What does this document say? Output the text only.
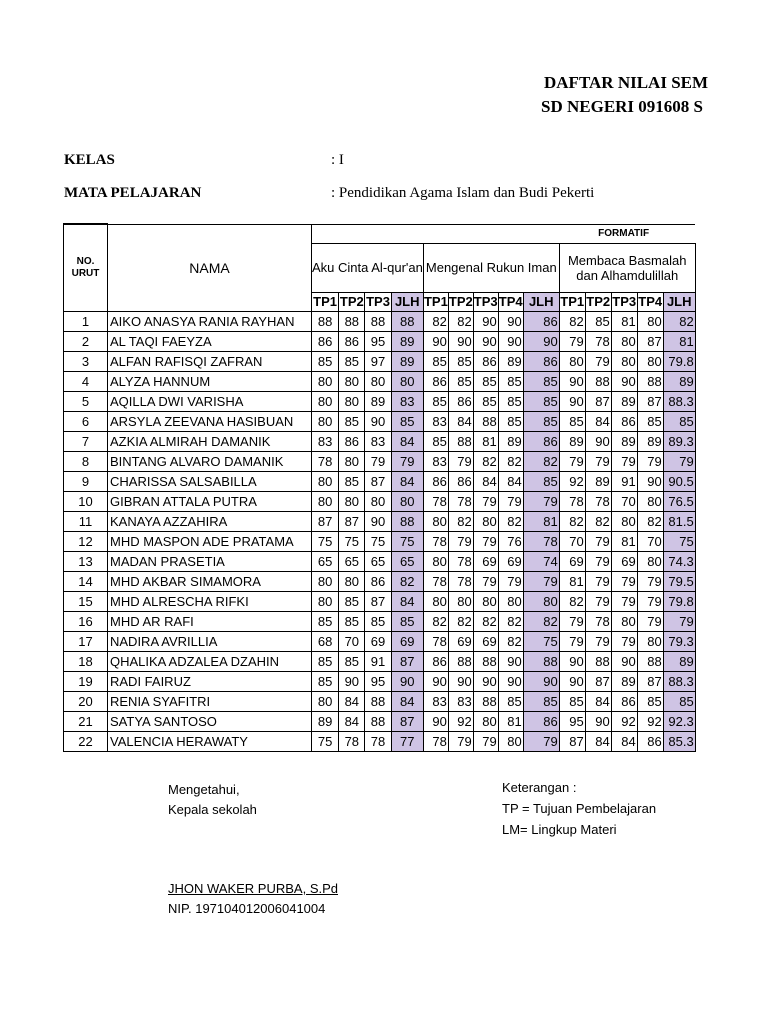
DAFTAR NILAI SEM
SD NEGERI 091608 S
KELAS	: I
MATA PELAJARAN	: Pendidikan Agama Islam dan Budi Pekerti
NO.
URUT	NAMA	FORMATIF													
		Aku Cinta Al-qur'an				Mengenal Rukun Iman					Membaca Basmalah
dan Alhamdulillah				

		TP1	TP2	TP3	JLH	TP1	TP2	TP3	TP4	JLH	TP1	TP2	TP3	TP4	JLH
1	AIKO ANASYA RANIA RAYHAN	88	88	88	88	82	82	90	90	86	82	85	81	80	82
2	AL TAQI FAEYZA	86	86	95	89	90	90	90	90	90	79	78	80	87	81
3	ALFAN RAFISQI ZAFRAN	85	85	97	89	85	85	86	89	86	80	79	80	80	79.8
4	ALYZA HANNUM	80	80	80	80	86	85	85	85	85	90	88	90	88	89
5	AQILLA DWI VARISHA	80	80	89	83	85	86	85	85	85	90	87	89	87	88.3
6	ARSYLA ZEEVANA HASIBUAN	80	85	90	85	83	84	88	85	85	85	84	86	85	85
7	AZKIA ALMIRAH DAMANIK	83	86	83	84	85	88	81	89	86	89	90	89	89	89.3
8	BINTANG ALVARO DAMANIK	78	80	79	79	83	79	82	82	82	79	79	79	79	79
9	CHARISSA SALSABILLA	80	85	87	84	86	86	84	84	85	92	89	91	90	90.5
10	GIBRAN ATTALA PUTRA	80	80	80	80	78	78	79	79	79	78	78	70	80	76.5
11	KANAYA AZZAHIRA	87	87	90	88	80	82	80	82	81	82	82	80	82	81.5
12	MHD MASPON ADE PRATAMA	75	75	75	75	78	79	79	76	78	70	79	81	70	75
13	MADAN PRASETIA	65	65	65	65	80	78	69	69	74	69	79	69	80	74.3
14	MHD AKBAR SIMAMORA	80	80	86	82	78	78	79	79	79	81	79	79	79	79.5
15	MHD ALRESCHA RIFKI	80	85	87	84	80	80	80	80	80	82	79	79	79	79.8
16	MHD AR RAFI	85	85	85	85	82	82	82	82	82	79	78	80	79	79
17	NADIRA AVRILLIA	68	70	69	69	78	69	69	82	75	79	79	79	80	79.3
18	QHALIKA ADZALEA DZAHIN	85	85	91	87	86	88	88	90	88	90	88	90	88	89
19	RADI FAIRUZ	85	90	95	90	90	90	90	90	90	90	87	89	87	88.3
20	RENIA SYAFITRI	80	84	88	84	83	83	88	85	85	85	84	86	85	85
21	SATYA SANTOSO	89	84	88	87	90	92	80	81	86	95	90	92	92	92.3
22	VALENCIA HERAWATY	75	78	78	77	78	79	79	80	79	87	84	84	86	85.3
Mengetahui,
Kepala sekolah
JHON WAKER PURBA, S.Pd
NIP. 197104012006041004
Keterangan :
TP = Tujuan Pembelajaran
LM= Lingkup Materi
